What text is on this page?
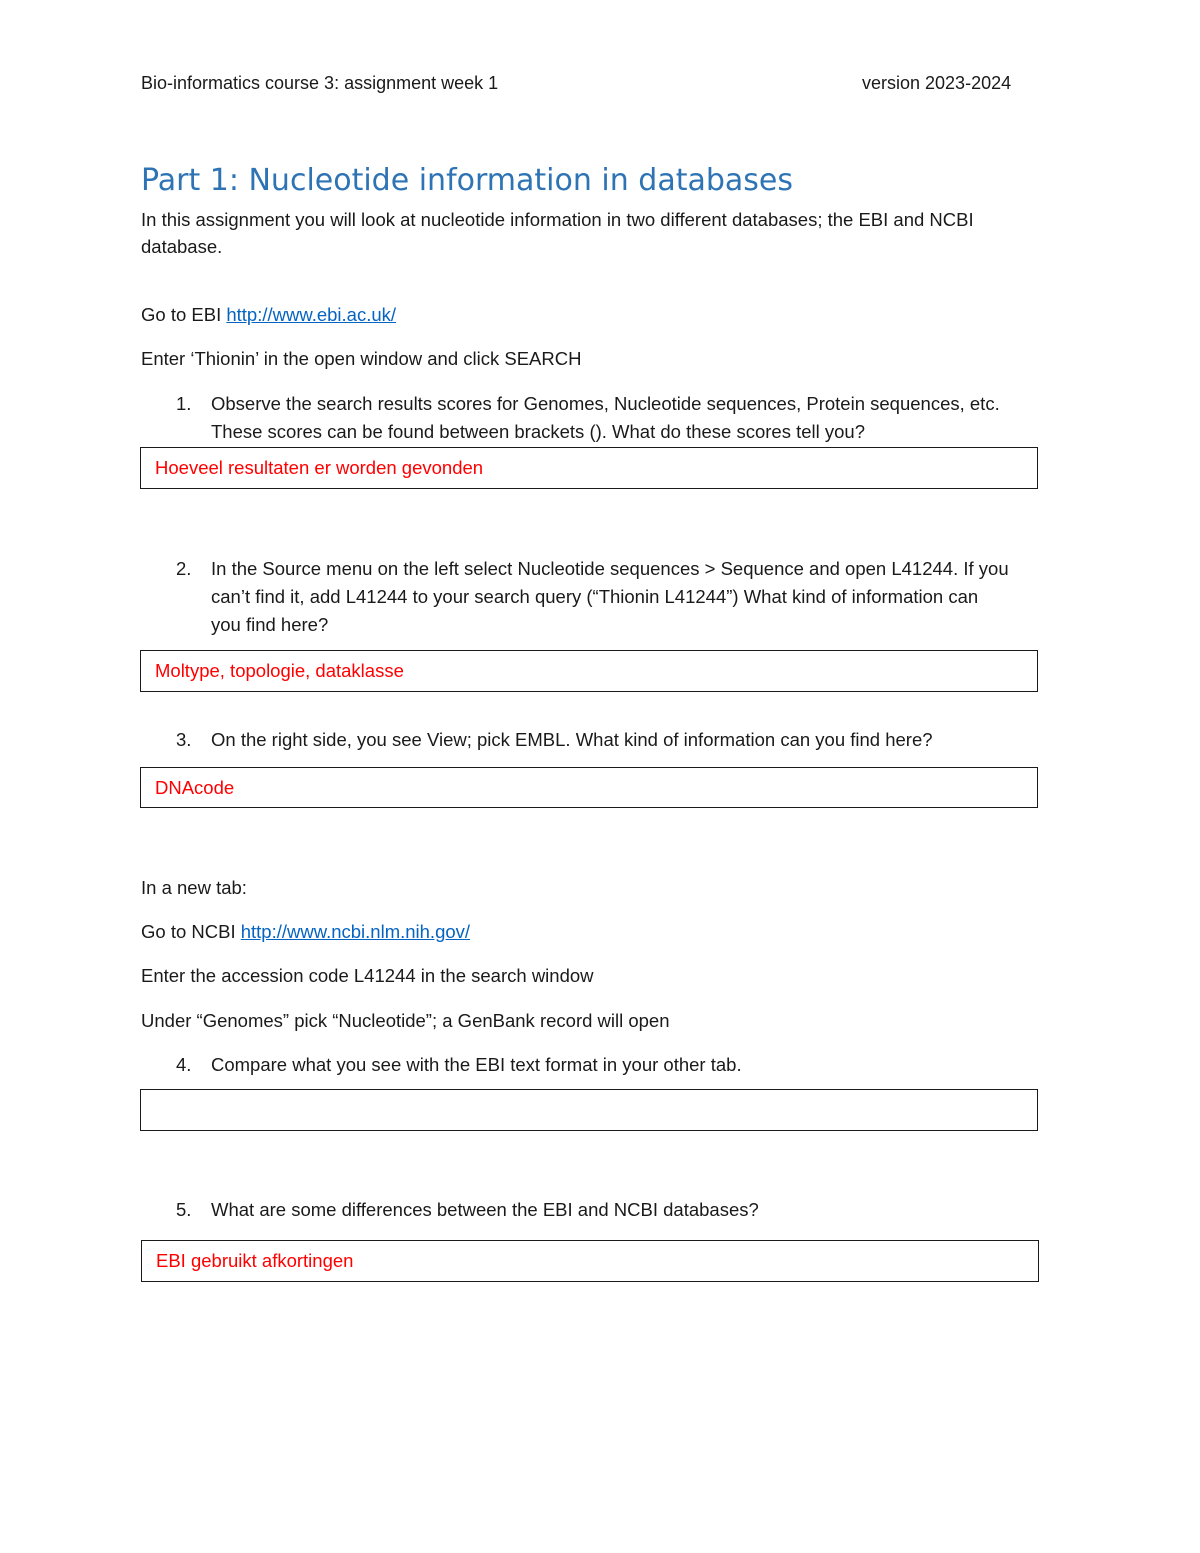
Bio-informatics course 3: assignment week 1	version 2023-2024
Part 1: Nucleotide information in databases
In this assignment you will look at nucleotide information in two different databases; the EBI and NCBI database.
Go to EBI http://www.ebi.ac.uk/
Enter ‘Thionin’ in the open window and click SEARCH
1. Observe the search results scores for Genomes, Nucleotide sequences, Protein sequences, etc.
These scores can be found between brackets (). What do these scores tell you?
Hoeveel resultaten er worden gevonden
2. In the Source menu on the left select Nucleotide sequences > Sequence and open L41244. If you
can’t find it, add L41244 to your search query (“Thionin L41244”) What kind of information can
you find here?
Moltype, topologie, dataklasse
3. On the right side, you see View; pick EMBL. What kind of information can you find here?
DNAcode
In a new tab:
Go to NCBI http://www.ncbi.nlm.nih.gov/
Enter the accession code L41244 in the search window
Under “Genomes” pick “Nucleotide”; a GenBank record will open
4. Compare what you see with the EBI text format in your other tab.
5. What are some differences between the EBI and NCBI databases?
EBI gebruikt afkortingen
